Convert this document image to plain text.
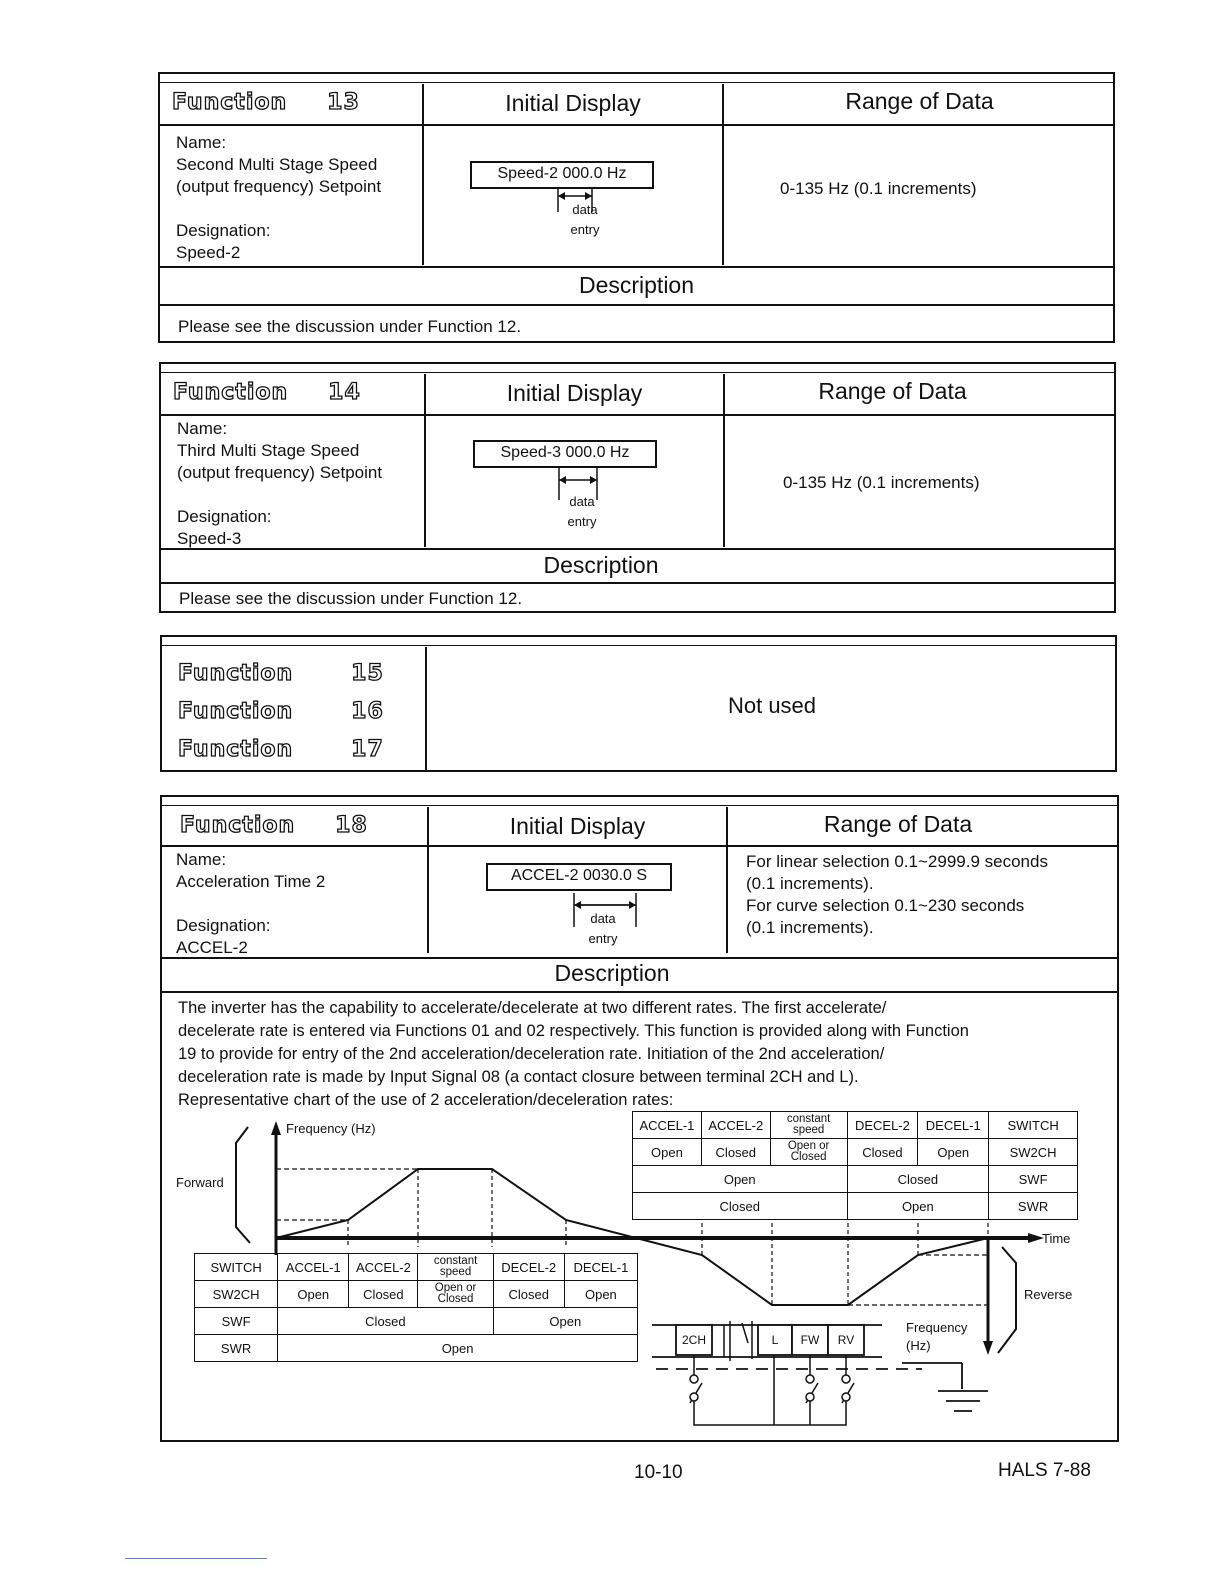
Function 13	Initial Display	Range of Data
Name:
Second Multi Stage Speed
(output frequency) Setpoint
Designation:
Speed-2
Speed-2 000.0 Hz
data
entry
0-135 Hz (0.1 increments)
Description
Please see the discussion under Function 12.
Function 14	Initial Display	Range of Data
Name:
Third Multi Stage Speed
(output frequency) Setpoint
Designation:
Speed-3
Speed-3 000.0 Hz
data
entry
0-135 Hz (0.1 increments)
Description
Please see the discussion under Function 12.
Function	15
Function	16
Function	17
Not used
Function 18	Initial Display	Range of Data
Name:
Acceleration Time 2
Designation:
ACCEL-2
ACCEL-2 0030.0 S
data
entry
For linear selection 0.1~2999.9 seconds
(0.1 increments).
For curve selection 0.1~230 seconds
(0.1 increments).
Description
The inverter has the capability to accelerate/decelerate at two different rates. The first accelerate/
decelerate rate is entered via Functions 01 and 02 respectively. This function is provided along with Function
19 to provide for entry of the 2nd acceleration/deceleration rate. Initiation of the 2nd acceleration/
deceleration rate is made by Input Signal 08 (a contact closure between terminal 2CH and L).
Representative chart of the use of 2 acceleration/deceleration rates:
Frequency (Hz)
Forward
Time
Reverse
Frequency
(Hz)
2CH	L	FW	RV
SWITCH	ACCEL-1	ACCEL-2	constant speed	DECEL-2	DECEL-1
SW2CH	Open	Closed	Open or Closed	Closed	Open
SWF	Closed			Open	
SWR	Open				
ACCEL-1	ACCEL-2	constant speed	DECEL-2	DECEL-1	SWITCH
Open	Closed	Open or Closed	Closed	Open	SW2CH
Open			Closed		SWF
Closed			Open		SWR
10-10	HALS 7-88
